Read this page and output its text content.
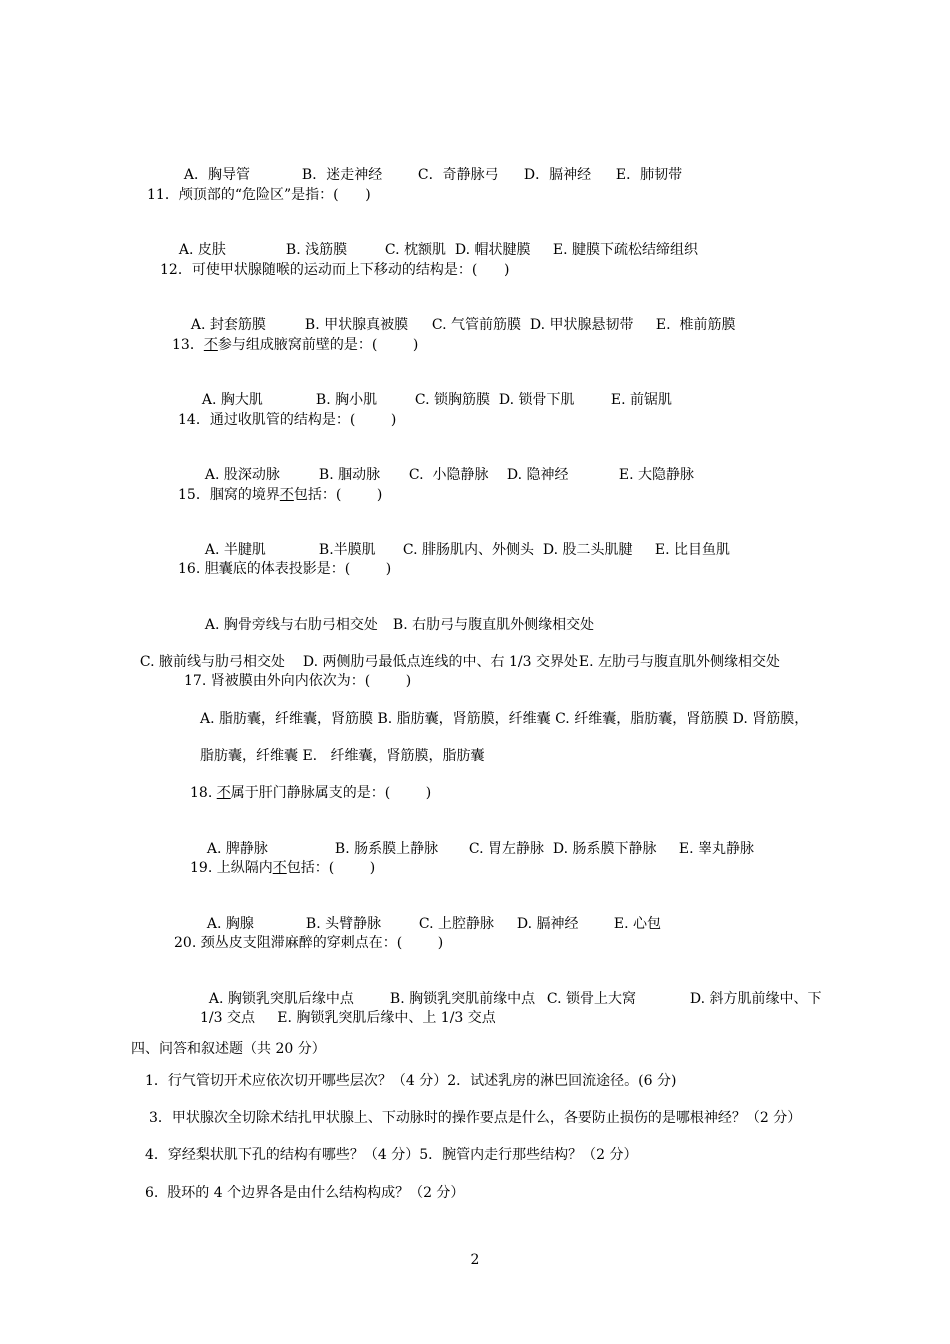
A．胸导管	B．迷走神经	C．奇静脉弓 D．膈神经 E．肺韧带

11．颅顶部的“危险区”是指：(      )

A. 皮肤	B. 浅筋膜	C. 枕额肌 D. 帽状腱膜 E. 腱膜下疏松结缔组织

12．可使甲状腺随喉的运动而上下移动的结构是：(      )

A. 封套筋膜	B. 甲状腺真被膜 C. 气管前筋膜 D. 甲状腺悬韧带 E.  椎前筋膜

13．不参与组成腋窝前壁的是：(        )

A. 胸大肌	B. 胸小肌	C. 锁胸筋膜 D. 锁骨下肌	E. 前锯肌

14．通过收肌管的结构是：(        )

A. 股深动脉	B. 腘动脉 C.  小隐静脉 D. 隐神经	E. 大隐静脉

15．腘窝的境界不包括：(        )

A. 半腱肌	B.半膜肌 C. 腓肠肌内、外侧头 D. 股二头肌腱 E. 比目鱼肌

16. 胆囊底的体表投影是：(        )

A. 胸骨旁线与右肋弓相交处 B. 右肋弓与腹直肌外侧缘相交处

C. 腋前线与肋弓相交处 D. 两侧肋弓最低点连线的中、右 1/3 交界处E. 左肋弓与腹直肌外侧缘相交处

17. 肾被膜由外向内依次为：(        )
A. 脂肪囊，纤维囊，肾筋膜 B. 脂肪囊，肾筋膜，纤维囊 C. 纤维囊，脂肪囊，肾筋膜 D. 肾筋膜，
脂肪囊，纤维囊 E.   纤维囊，肾筋膜，脂肪囊
18. 不属于肝门静脉属支的是：(        )

A. 脾静脉	B. 肠系膜上静脉 C. 胃左静脉 D. 肠系膜下静脉 E. 睾丸静脉

19. 上纵隔内不包括：(        )

A. 胸腺	B. 头臂静脉	C. 上腔静脉 D. 膈神经	E. 心包

20. 颈丛皮支阻滞麻醉的穿刺点在：(        )

A. 胸锁乳突肌后缘中点	B. 胸锁乳突肌前缘中点 C. 锁骨上大窝	D. 斜方肌前缘中、下

1/3 交点     E. 胸锁乳突肌后缘中、上 1/3 交点
四、问答和叙述题（共 20 分）
1．行气管切开术应依次切开哪些层次？（4 分）2．试述乳房的淋巴回流途径。(6 分)
3．甲状腺次全切除术结扎甲状腺上、下动脉时的操作要点是什么，各要防止损伤的是哪根神经？（2 分）
4．穿经梨状肌下孔的结构有哪些？（4 分）5．腕管内走行那些结构？（2 分）
6.  股环的 4 个边界各是由什么结构构成？（2 分）
2
